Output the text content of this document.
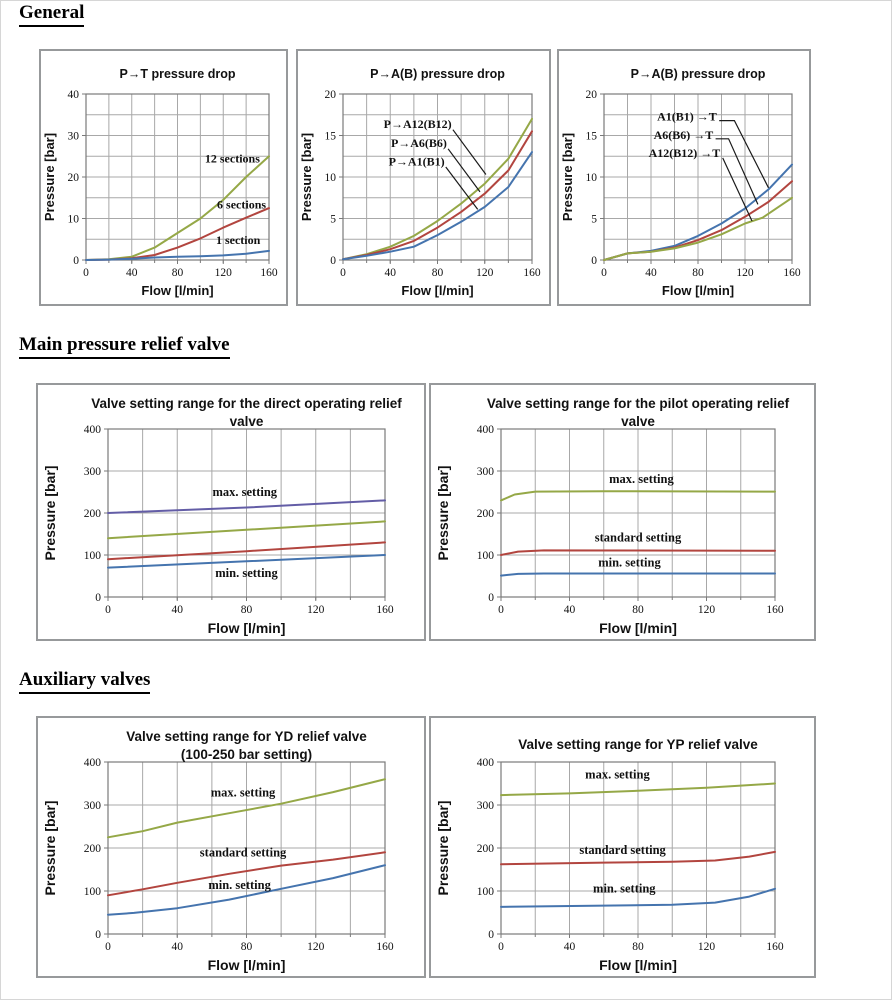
General
0	40	80	120 160
0
10
20
30
40
12 sections
6 sections
1 section
P→T pressure drop
Flow [l/min]
Pressure [bar]
0	40	80	120	160
0
5
10
15
20
P→A12(B12)
P→A6(B6)
P→A1(B1)
P→A(B) pressure drop
Flow [l/min]
Pressure [bar]
0	40	80	120	160
0
5
10
15
20
A1(B1) →T
A6(B6) →T
A12(B12) →T
P→A(B) pressure drop
Flow [l/min]
Pressure [bar]
Main pressure relief valve
0	40	80	120	160
0
100
200
300
400
max. setting
min. setting
Valve setting range for the direct operating relief
valve
Flow [l/min]
Pressure [bar]
0	40	80	120	160
0
100
200
300
400
max. setting
standard setting
min. setting
Valve setting range for the pilot operating relief
valve
Flow [l/min]
Pressure [bar]
Auxiliary valves
0	40	80	120	160
0
100
200
300
400
max. setting
standard setting
min. setting
Valve setting range for YD relief valve
(100-250 bar setting)
Flow [l/min]
Pressure [bar]
0	40	80	120	160
0
100
200
300
400
max. setting
standard setting
min. setting
Valve setting range for YP relief valve
Flow [l/min]
Pressure [bar]
